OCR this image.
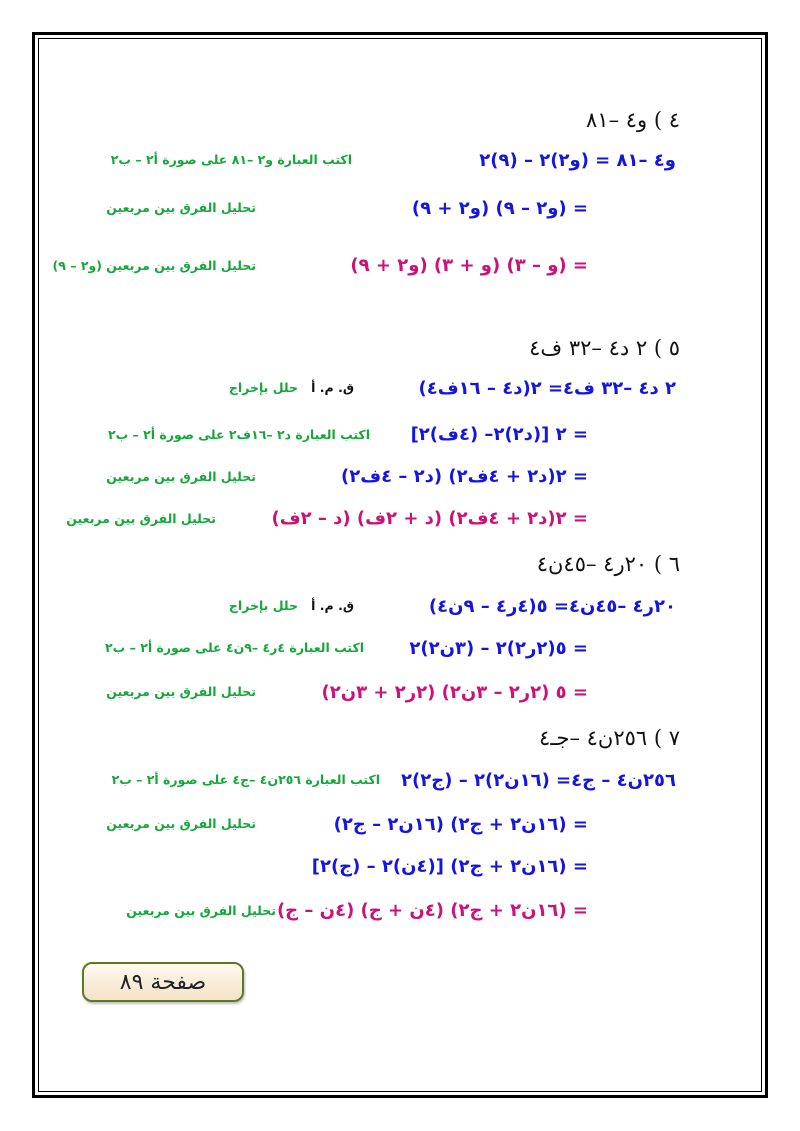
٤ ) و٤ –٨١
و٤ –٨١ = (و٢)٢ – (٩)٢
اكتب العبارة و٢ –٨١ على صورة أ٢ – ب٢
= (و٢ – ٩) (و٢ + ٩)
تحليل الفرق بين مربعين
= (و – ٣) (و + ٣) (و٢ + ٩)
تحليل الفرق بين مربعين (و٢ – ٩)
٥ ) ٢ د٤ –٣٢ ف٤
٢ د٤ –٣٢ ف٤= ٢(د٤ – ١٦ف٤)
حلل بإخراج ق. م. أ
= ٢ [(د٢)٢– (٤ف)٢]
اكتب العبارة د٢ –١٦ف٢ على صورة أ٢ – ب٢
= ٢(د٢ + ٤ف٢) (د٢ – ٤ف٢)
تحليل الفرق بين مربعين
= ٢(د٢ + ٤ف٢) (د + ٢ف) (د – ٢ف)
تحليل الفرق بين مربعين
٦ ) ٢٠ر٤ –٤٥ن٤
٢٠ر٤ –٤٥ن٤= ٥(٤ر٤ – ٩ن٤)
حلل بإخراج ق. م. أ
= ٥(٢ر٢)٢ – (٣ن٢)٢
اكتب العبارة ٤ر٤ –٩ن٤ على صورة أ٢ – ب٢
= ٥ (٢ر٢ – ٣ن٢) (٢ر٢ + ٣ن٢)
تحليل الفرق بين مربعين
٧ ) ٢٥٦ن٤ –جـ٤
٢٥٦ن٤ – ج٤= (١٦ن٢)٢ – (ج٢)٢
اكتب العبارة ٢٥٦ن٤ –ج٤ على صورة أ٢ – ب٢
= (١٦ن٢ + ج٢) (١٦ن٢ – ج٢)
تحليل الفرق بين مربعين
= (١٦ن٢ + ج٢) [(٤ن)٢ – (ج)٢]
= (١٦ن٢ + ج٢) (٤ن + ج) (٤ن – ج)
تحليل الفرق بين مربعين
صفحة ٨٩
